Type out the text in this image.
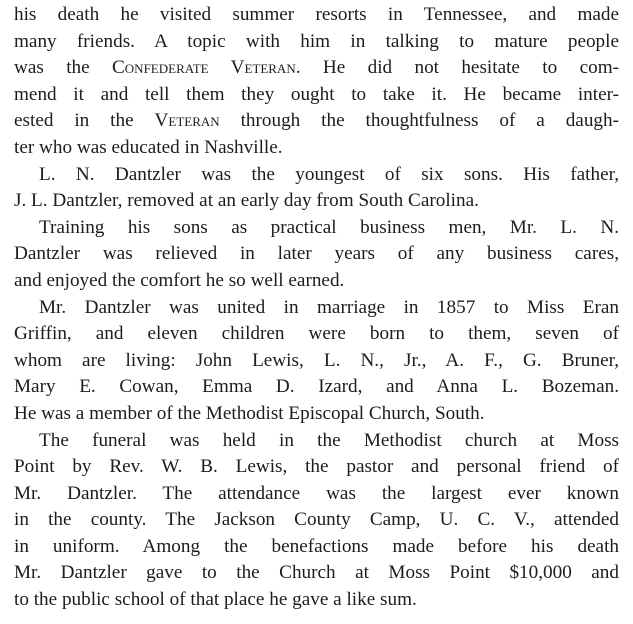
his death he visited summer resorts in Tennessee, and made
many friends. A topic with him in talking to mature people
was the Confederate Veteran. He did not hesitate to com-
mend it and tell them they ought to take it. He became inter-
ested in the Veteran through the thoughtfulness of a daugh-
ter who was educated in Nashville.
L. N. Dantzler was the youngest of six sons. His father,
J. L. Dantzler, removed at an early day from South Carolina.
Training his sons as practical business men, Mr. L. N.
Dantzler was relieved in later years of any business cares,
and enjoyed the comfort he so well earned.
Mr. Dantzler was united in marriage in 1857 to Miss Eran
Griffin, and eleven children were born to them, seven of
whom are living: John Lewis, L. N., Jr., A. F., G. Bruner,
Mary E. Cowan, Emma D. Izard, and Anna L. Bozeman.
He was a member of the Methodist Episcopal Church, South.
The funeral was held in the Methodist church at Moss
Point by Rev. W. B. Lewis, the pastor and personal friend of
Mr. Dantzler. The attendance was the largest ever known
in the county. The Jackson County Camp, U. C. V., attended
in uniform. Among the benefactions made before his death
Mr. Dantzler gave to the Church at Moss Point $10,000 and
to the public school of that place he gave a like sum.
